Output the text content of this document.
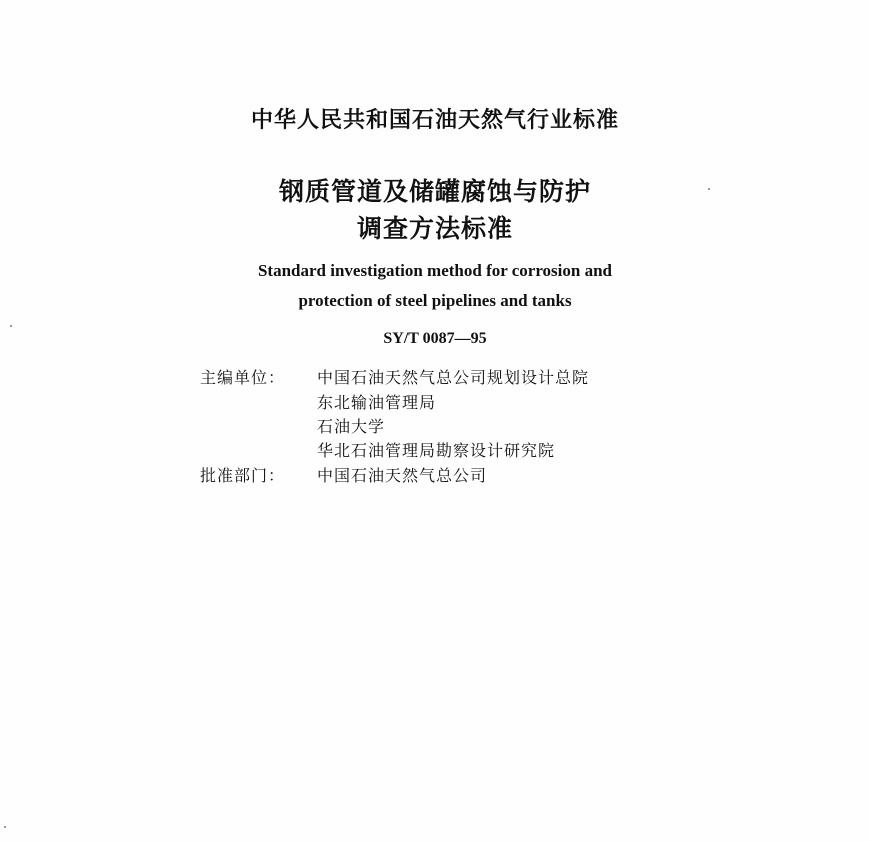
中华人民共和国石油天然气行业标准
钢质管道及储罐腐蚀与防护
调查方法标准
Standard investigation method for corrosion and
protection of steel pipelines and tanks
SY/T 0087—95
主编单位： 中国石油天然气总公司规划设计总院
东北输油管理局
石油大学
华北石油管理局勘察设计研究院
批准部门： 中国石油天然气总公司
